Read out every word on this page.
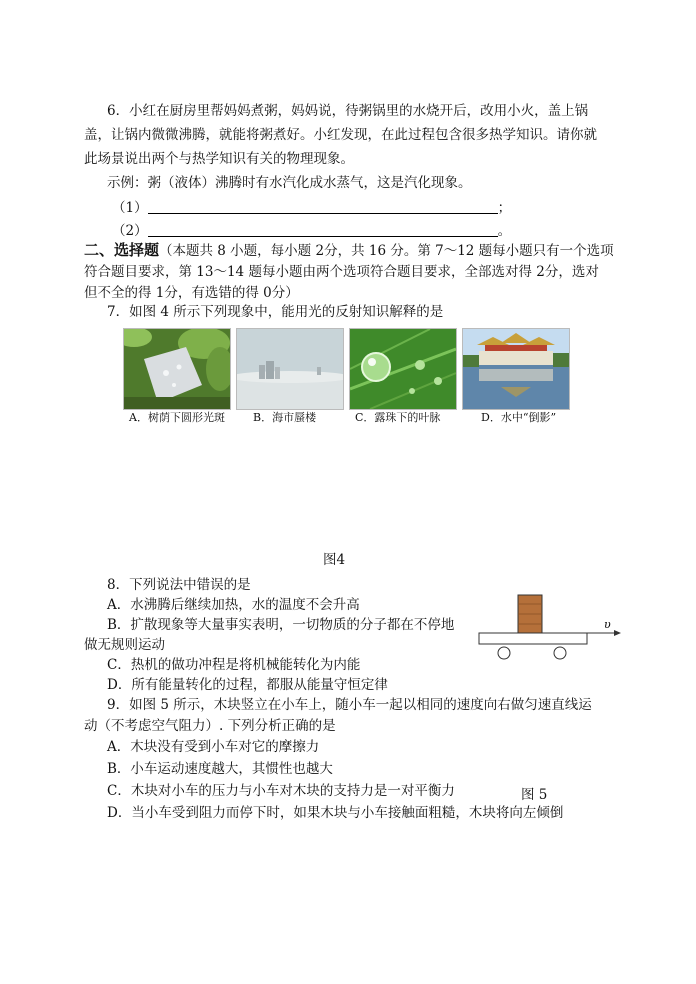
6．小红在厨房里帮妈妈煮粥，妈妈说，待粥锅里的水烧开后，改用小火，盖上锅
盖，让锅内微微沸腾，就能将粥煮好。小红发现，在此过程包含很多热学知识。请你就
此场景说出两个与热学知识有关的物理现象。
示例：粥（液体）沸腾时有水汽化成水蒸气，这是汽化现象。
（1）	；
（2）	。
二、选择题（本题共 8 小题，每小题 2分，共 16 分。第 7～12 题每小题只有一个选项
符合题目要求，第 13～14 题每小题由两个选项符合题目要求，全部选对得 2分，选对
但不全的得 1分，有选错的得 0分）
7．如图 4 所示下列现象中，能用光的反射知识解释的是
A．树荫下圆形光斑	B．海市蜃楼	C．露珠下的叶脉	D．水中“倒影”
图4
8．下列说法中错误的是
A．水沸腾后继续加热，水的温度不会升高
B．扩散现象等大量事实表明，一切物质的分子都在不停地
做无规则运动
C．热机的做功冲程是将机械能转化为内能
D．所有能量转化的过程，都服从能量守恒定律
υ
9．如图 5 所示，木块竖立在小车上，随小车一起以相同的速度向右做匀速直线运
动（不考虑空气阻力）. 下列分析正确的是
A．木块没有受到小车对它的摩擦力
B．小车运动速度越大，其惯性也越大
C．木块对小车的压力与小车对木块的支持力是一对平衡力	图 5
D．当小车受到阻力而停下时，如果木块与小车接触面粗糙，木块将向左倾倒
